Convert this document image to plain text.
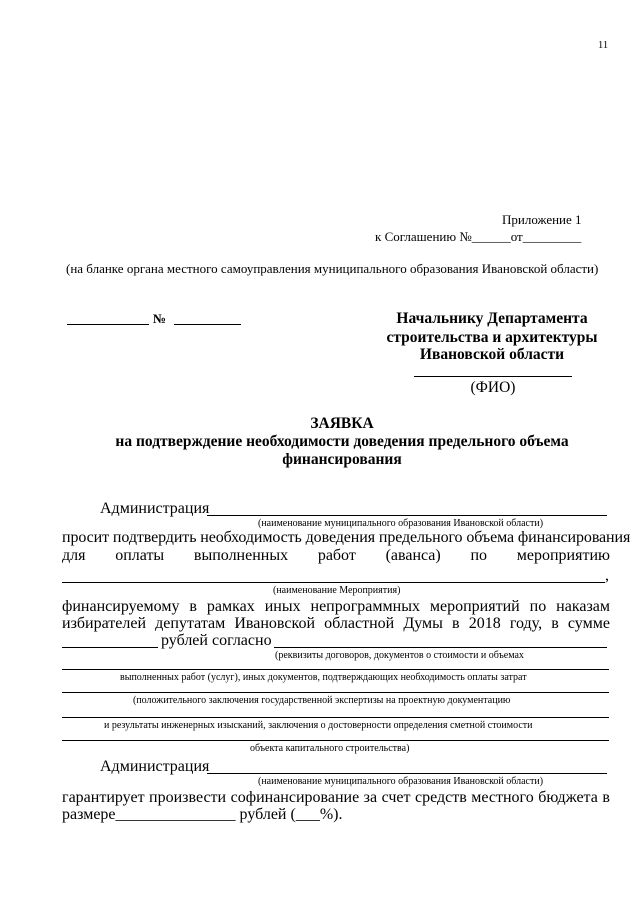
11
Приложение 1
к Соглашению №______от_________
(на бланке органа местного самоуправления муниципального образования Ивановской области)
№	Начальнику Департамента
строительства и архитектуры
Ивановской области
(ФИО)
ЗАЯВКА
на подтверждение необходимости доведения предельного объема
финансирования
Администрация
(наименование муниципального образования Ивановской области)
просит подтвердить необходимость доведения предельного объема финансирования
для оплаты выполненных работ (аванса) по мероприятию
,
(наименование Мероприятия)
финансируемому в рамках иных непрограммных мероприятий по наказам
избирателей депутатам Ивановской областной Думы в 2018 году, в сумме
рублей согласно
(реквизиты договоров, документов о стоимости и объемах
выполненных работ (услуг), иных документов, подтверждающих необходимость оплаты затрат
(положительного заключения государственной экспертизы на проектную документацию
и результаты инженерных изысканий, заключения о достоверности определения сметной стоимости
объекта капитального строительства)
Администрация
(наименование муниципального образования Ивановской области)
гарантирует произвести софинансирование за счет средств местного бюджета в
размере_______________ рублей (___%).
